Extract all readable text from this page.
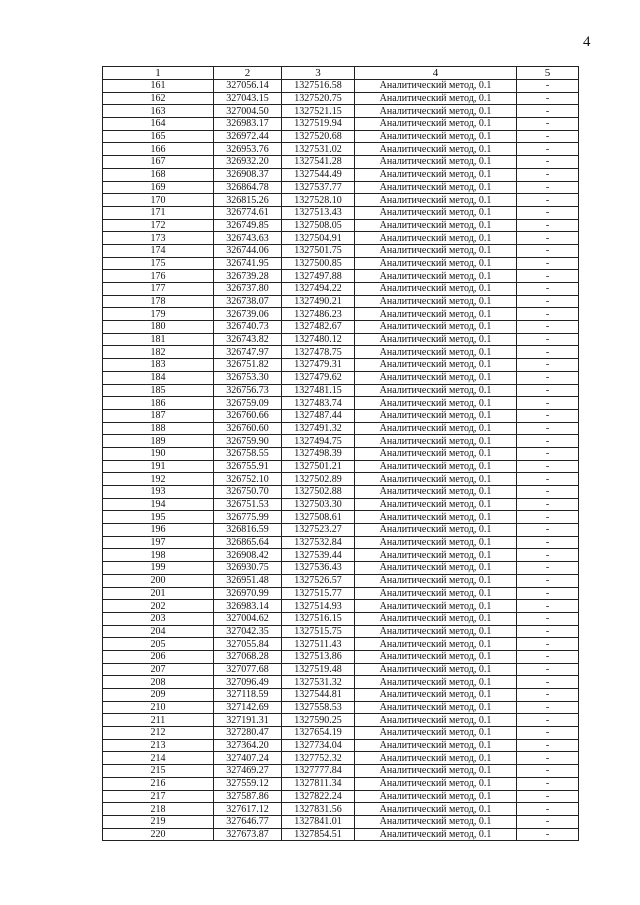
4
1	2	3	4	5
161	327056.14	1327516.58	Аналитический метод, 0.1	-
162	327043.15	1327520.75	Аналитический метод, 0.1	-
163	327004.50	1327521.15	Аналитический метод, 0.1	-
164	326983.17	1327519.94	Аналитический метод, 0.1	-
165	326972.44	1327520.68	Аналитический метод, 0.1	-
166	326953.76	1327531.02	Аналитический метод, 0.1	-
167	326932.20	1327541.28	Аналитический метод, 0.1	-
168	326908.37	1327544.49	Аналитический метод, 0.1	-
169	326864.78	1327537.77	Аналитический метод, 0.1	-
170	326815.26	1327528.10	Аналитический метод, 0.1	-
171	326774.61	1327513.43	Аналитический метод, 0.1	-
172	326749.85	1327508.05	Аналитический метод, 0.1	-
173	326743.63	1327504.91	Аналитический метод, 0.1	-
174	326744.06	1327501.75	Аналитический метод, 0.1	-
175	326741.95	1327500.85	Аналитический метод, 0.1	-
176	326739.28	1327497.88	Аналитический метод, 0.1	-
177	326737.80	1327494.22	Аналитический метод, 0.1	-
178	326738.07	1327490.21	Аналитический метод, 0.1	-
179	326739.06	1327486.23	Аналитический метод, 0.1	-
180	326740.73	1327482.67	Аналитический метод, 0.1	-
181	326743.82	1327480.12	Аналитический метод, 0.1	-
182	326747.97	1327478.75	Аналитический метод, 0.1	-
183	326751.82	1327479.31	Аналитический метод, 0.1	-
184	326753.30	1327479.62	Аналитический метод, 0.1	-
185	326756.73	1327481.15	Аналитический метод, 0.1	-
186	326759.09	1327483.74	Аналитический метод, 0.1	-
187	326760.66	1327487.44	Аналитический метод, 0.1	-
188	326760.60	1327491.32	Аналитический метод, 0.1	-
189	326759.90	1327494.75	Аналитический метод, 0.1	-
190	326758.55	1327498.39	Аналитический метод, 0.1	-
191	326755.91	1327501.21	Аналитический метод, 0.1	-
192	326752.10	1327502.89	Аналитический метод, 0.1	-
193	326750.70	1327502.88	Аналитический метод, 0.1	-
194	326751.53	1327503.30	Аналитический метод, 0.1	-
195	326775.99	1327508.61	Аналитический метод, 0.1	-
196	326816.59	1327523.27	Аналитический метод, 0.1	-
197	326865.64	1327532.84	Аналитический метод, 0.1	-
198	326908.42	1327539.44	Аналитический метод, 0.1	-
199	326930.75	1327536.43	Аналитический метод, 0.1	-
200	326951.48	1327526.57	Аналитический метод, 0.1	-
201	326970.99	1327515.77	Аналитический метод, 0.1	-
202	326983.14	1327514.93	Аналитический метод, 0.1	-
203	327004.62	1327516.15	Аналитический метод, 0.1	-
204	327042.35	1327515.75	Аналитический метод, 0.1	-
205	327055.84	1327511.43	Аналитический метод, 0.1	-
206	327068.28	1327513.86	Аналитический метод, 0.1	-
207	327077.68	1327519.48	Аналитический метод, 0.1	-
208	327096.49	1327531.32	Аналитический метод, 0.1	-
209	327118.59	1327544.81	Аналитический метод, 0.1	-
210	327142.69	1327558.53	Аналитический метод, 0.1	-
211	327191.31	1327590.25	Аналитический метод, 0.1	-
212	327280.47	1327654.19	Аналитический метод, 0.1	-
213	327364.20	1327734.04	Аналитический метод, 0.1	-
214	327407.24	1327752.32	Аналитический метод, 0.1	-
215	327469.27	1327777.84	Аналитический метод, 0.1	-
216	327559.12	1327811.34	Аналитический метод, 0.1	-
217	327587.86	1327822.24	Аналитический метод, 0.1	-
218	327617.12	1327831.56	Аналитический метод, 0.1	-
219	327646.77	1327841.01	Аналитический метод, 0.1	-
220	327673.87	1327854.51	Аналитический метод, 0.1	-
